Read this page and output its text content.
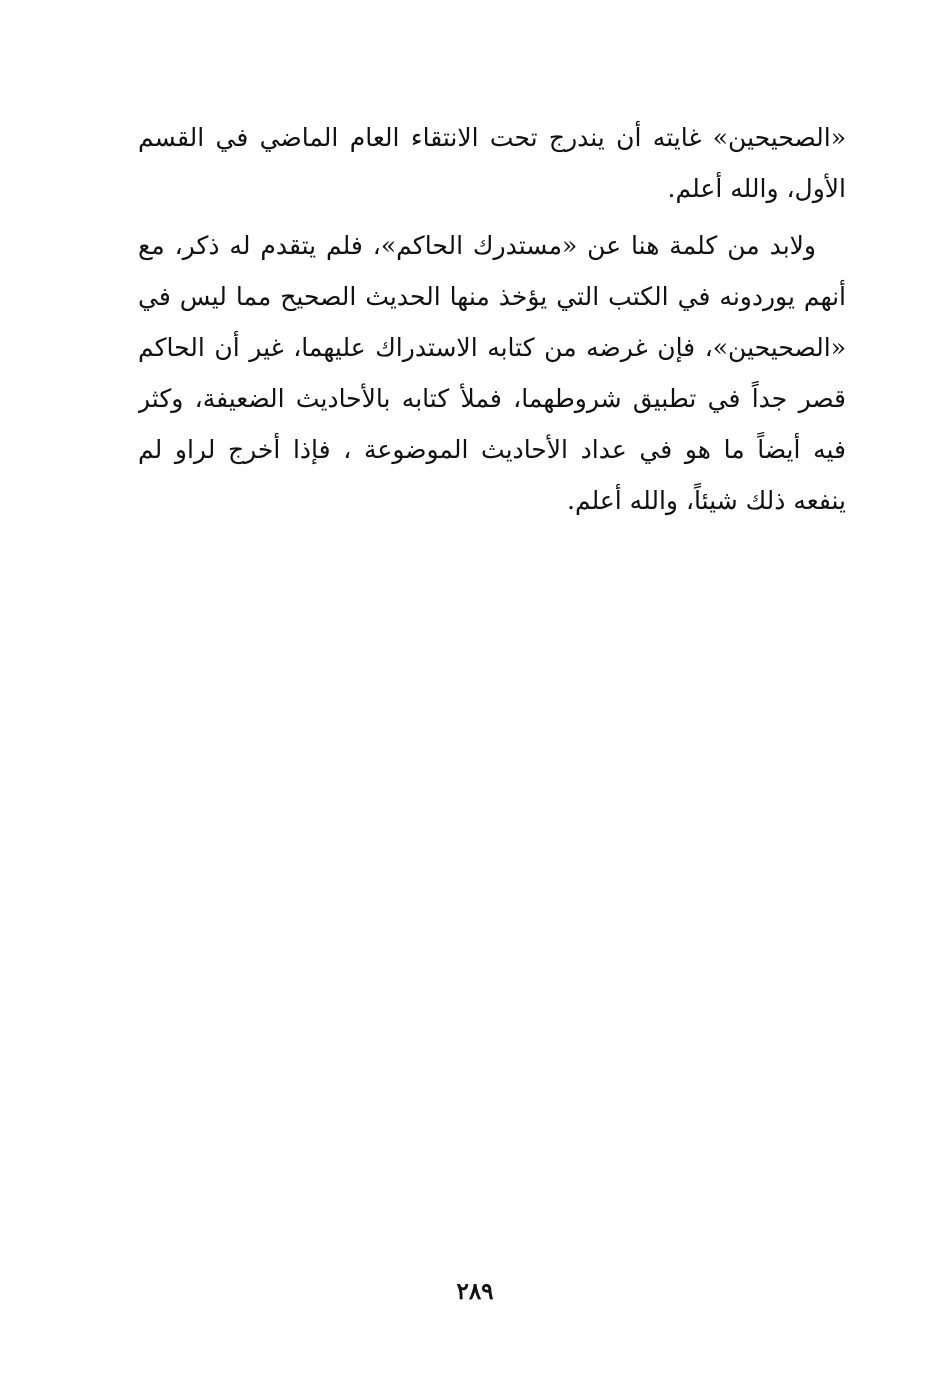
«الصحيحين» غايته أن يندرج تحت الانتقاء العام الماضي في القسم
الأول، والله أعلم.
ولابد من كلمة هنا عن «مستدرك الحاكم»، فلم يتقدم له ذكر، مع
أنهم يوردونه في الكتب التي يؤخذ منها الحديث الصحيح مما ليس في
«الصحيحين»، فإن غرضه من كتابه الاستدراك عليهما، غير أن الحاكم
قصر جداً في تطبيق شروطهما، فملأ كتابه بالأحاديث الضعيفة، وكثر
فيه أيضاً ما هو في عداد الأحاديث الموضوعة ، فإذا أخرج لراو لم
ينفعه ذلك شيئاً، والله أعلم.
٢٨٩
